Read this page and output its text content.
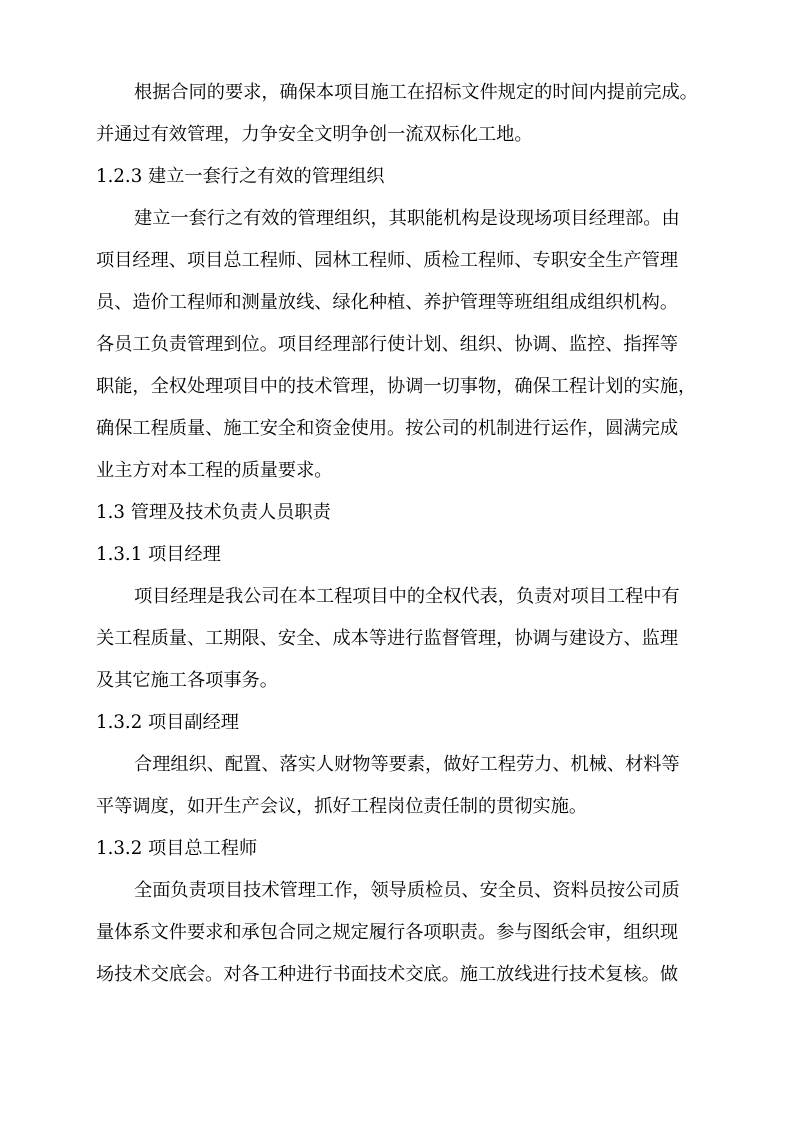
根据合同的要求，确保本项目施工在招标文件规定的时间内提前完成。
并通过有效管理，力争安全文明争创一流双标化工地。
1.2.3 建立一套行之有效的管理组织
建立一套行之有效的管理组织，其职能机构是设现场项目经理部。由
项目经理、项目总工程师、园林工程师、质检工程师、专职安全生产管理
员、造价工程师和测量放线、绿化种植、养护管理等班组组成组织机构。
各员工负责管理到位。项目经理部行使计划、组织、协调、监控、指挥等
职能，全权处理项目中的技术管理，协调一切事物，确保工程计划的实施，
确保工程质量、施工安全和资金使用。按公司的机制进行运作，圆满完成
业主方对本工程的质量要求。
1.3 管理及技术负责人员职责
1.3.1 项目经理
项目经理是我公司在本工程项目中的全权代表，负责对项目工程中有
关工程质量、工期限、安全、成本等进行监督管理，协调与建设方、监理
及其它施工各项事务。
1.3.2 项目副经理
合理组织、配置、落实人财物等要素，做好工程劳力、机械、材料等
平等调度，如开生产会议，抓好工程岗位责任制的贯彻实施。
1.3.2 项目总工程师
全面负责项目技术管理工作，领导质检员、安全员、资料员按公司质
量体系文件要求和承包合同之规定履行各项职责。参与图纸会审，组织现
场技术交底会。对各工种进行书面技术交底。施工放线进行技术复核。做
